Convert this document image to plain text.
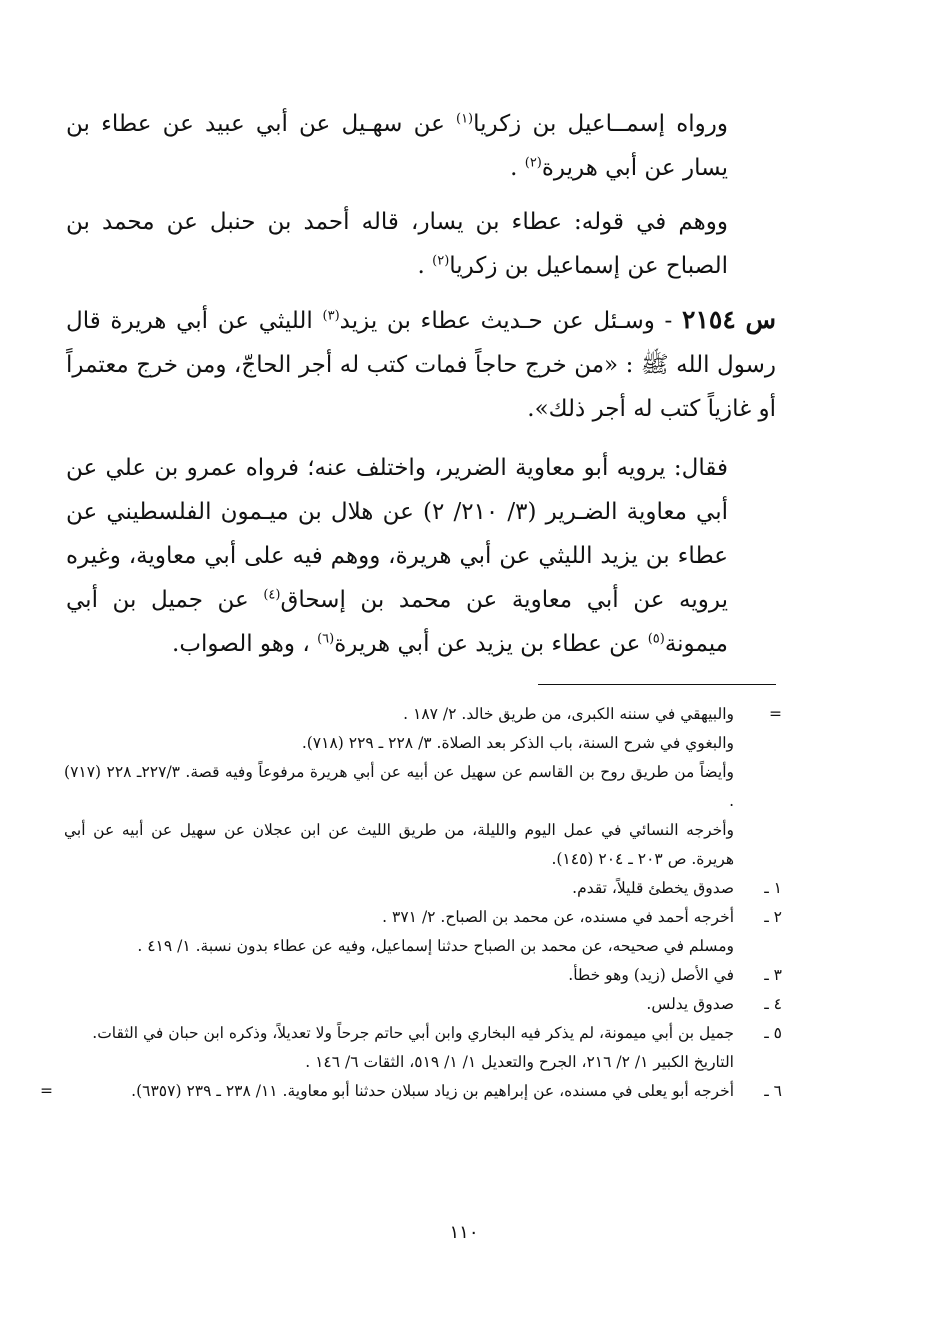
ورواه إسمــاعيل بن زكريا$^{(١)}$ عن سهـيل عن أبي عبيد عن عطاء بن يسار عن أبي هريرة$^{(٢)}$ .

ووهم في قوله: عطاء بن يسار، قاله أحمد بن حنبل عن محمد بن الصباح عن إسماعيل بن زكريا$^{(٢)}$ .

س ٢١٥٤ - وسـئل عن حـديث عطاء بن يزيد$^{(٣)}$ الليثي عن أبي هريرة قال رسول الله ﷺ : «من خرج حاجاً فمات كتب له أجر الحاجّ، ومن خرج معتمراً أو غازياً كتب له أجر ذلك».

فقال: يرويه أبو معاوية الضرير، واختلف عنه؛ فرواه عمرو بن علي عن أبي معاوية الضـرير (٣/ ٢١٠/ ٢) عن هلال بن ميـمون الفلسطيني عن عطاء بن يزيد الليثي عن أبي هريرة، ووهم فيه على أبي معاوية، وغيره يرويه عن أبي معاوية عن محمد بن إسحاق$^{(٤)}$ عن جميل بن أبي ميمونة$^{(٥)}$ عن عطاء بن يزيد عن أبي هريرة$^{(٦)}$ ، وهو الصواب.

=
والبيهقي في سننه الكبرى، من طريق خالد. ٢/ ١٨٧ .
والبغوي في شرح السنة، باب الذكر بعد الصلاة. ٣/ ٢٢٨ ـ ٢٢٩ (٧١٨).
وأيضاً من طريق روح بن القاسم عن سهيل عن أبيه عن أبي هريرة مرفوعاً وفيه قصة. ٢٢٧/٣ـ ٢٢٨ (٧١٧) .
وأخرجه النسائي في عمل اليوم والليلة، من طريق الليث عن ابن عجلان عن سهيل عن أبيه عن أبي هريرة. ص ٢٠٣ ـ ٢٠٤ (١٤٥).
١ ـ
صدوق يخطئ قليلاً، تقدم.
٢ ـ
أخرجه أحمد في مسنده، عن محمد بن الصباح. ٢/ ٣٧١ .
ومسلم في صحيحه، عن محمد بن الصباح حدثنا إسماعيل، وفيه عن عطاء بدون نسبة. ١/ ٤١٩ .
٣ ـ
في الأصل (زيد) وهو خطأ.
٤ ـ
صدوق يدلس.
٥ ـ
جميل بن أبي ميمونة، لم يذكر فيه البخاري وابن أبي حاتم جرحاً ولا تعديلاً، وذكره ابن حبان في الثقات.
التاريخ الكبير ١/ ٢/ ٢١٦، الجرح والتعديل ١/ ١/ ٥١٩، الثقات ٦/ ١٤٦ .
٦ ـ
أخرجه أبو يعلى في مسنده، عن إبراهيم بن زياد سبلان حدثنا أبو معاوية. ١١/ ٢٣٨ ـ ٢٣٩ (٦٣٥٧).
=
١١٠
